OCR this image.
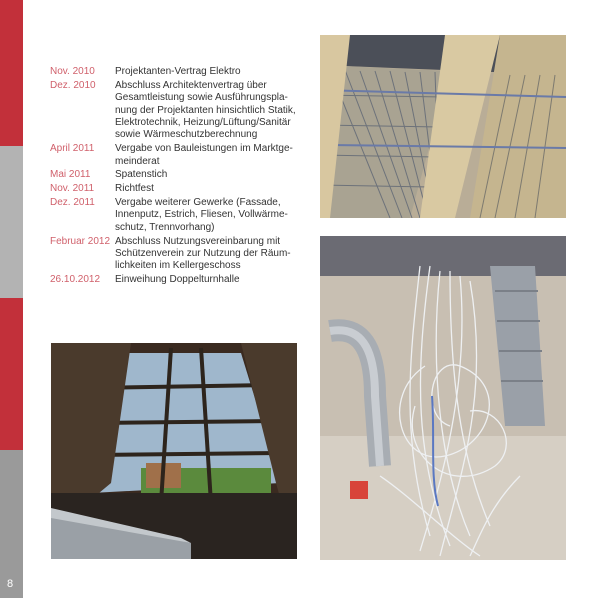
8
Nov. 2010	Projektanten-Vertrag Elektro
Dez. 2010	Abschluss Architektenvertrag über Gesamtleistung sowie Ausführungspla-nung der Projektanten hinsichtlich Statik, Elektrotechnik, Heizung/Lüftung/Sanitär sowie Wärmeschutzberechnung
April 2011	Vergabe von Bauleistungen im Marktge-meinderat
Mai 2011	Spatenstich
Nov. 2011	Richtfest
Dez. 2011	Vergabe weiterer Gewerke (Fassade, Innenputz, Estrich, Fliesen, Vollwärme-schutz, Trennvorhang)
Februar 2012 Abschluss Nutzungsvereinbarung mit Schützenverein zur Nutzung der Räum-lichkeiten im Kellergeschoss
26.10.2012	Einweihung Doppelturnhalle
